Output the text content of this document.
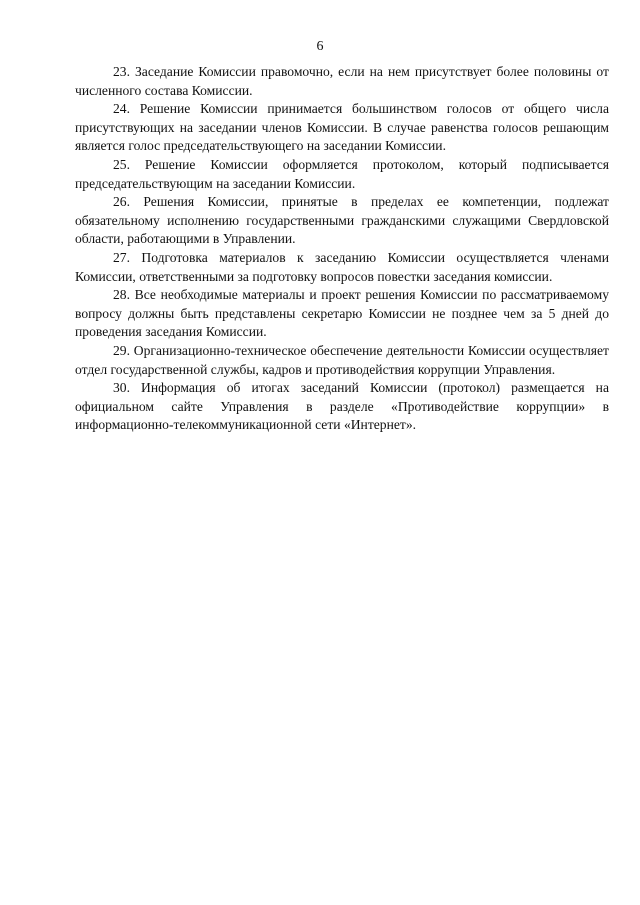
6

23. Заседание Комиссии правомочно, если на нем присутствует более половины от численного состава Комиссии.

24. Решение Комиссии принимается большинством голосов от общего числа присутствующих на заседании членов Комиссии. В случае равенства голосов решающим является голос председательствующего на заседании Комиссии.

25. Решение Комиссии оформляется протоколом, который подписывается председательствующим на заседании Комиссии.

26. Решения Комиссии, принятые в пределах ее компетенции, подлежат обязательному исполнению государственными гражданскими служащими Свердловской области, работающими в Управлении.

27. Подготовка материалов к заседанию Комиссии осуществляется членами Комиссии, ответственными за подготовку вопросов повестки заседания комиссии.

28. Все необходимые материалы и проект решения Комиссии по рассматриваемому вопросу должны быть представлены секретарю Комиссии не позднее чем за 5 дней до проведения заседания Комиссии.

29. Организационно-техническое обеспечение деятельности Комиссии осуществляет отдел государственной службы, кадров и противодействия коррупции Управления.

30. Информация об итогах заседаний Комиссии (протокол) размещается на официальном сайте Управления в разделе «Противодействие коррупции» в информационно-телекоммуникационной сети «Интернет».
